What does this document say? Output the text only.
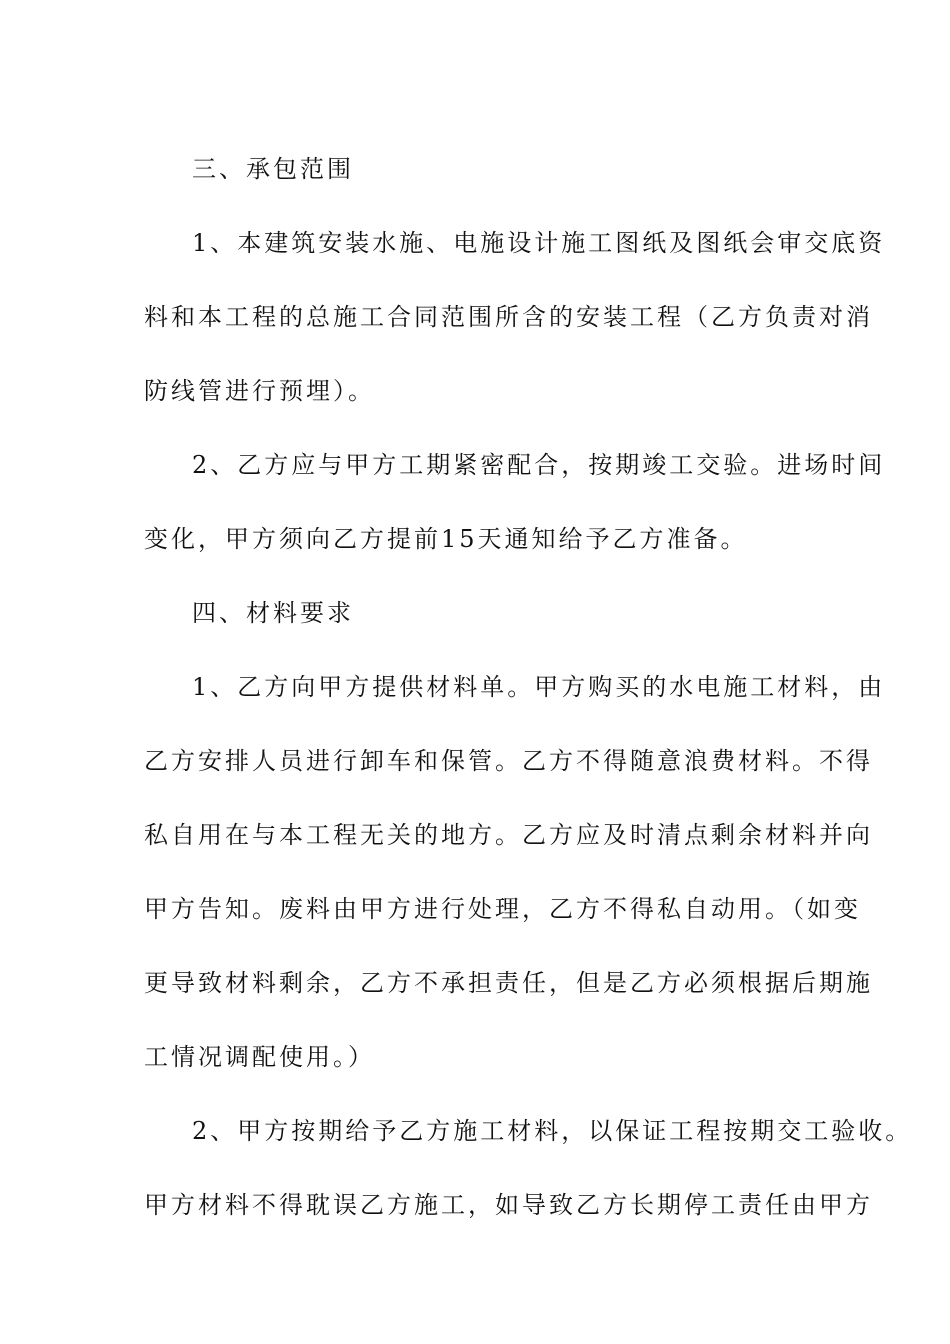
三、承包范围
1、本建筑安装水施、电施设计施工图纸及图纸会审交底资
料和本工程的总施工合同范围所含的安装工程（乙方负责对消
防线管进行预埋）。
2、乙方应与甲方工期紧密配合，按期竣工交验。进场时间
变化，甲方须向乙方提前15天通知给予乙方准备。
四、材料要求
1、乙方向甲方提供材料单。甲方购买的水电施工材料，由
乙方安排人员进行卸车和保管。乙方不得随意浪费材料。不得
私自用在与本工程无关的地方。乙方应及时清点剩余材料并向
甲方告知。废料由甲方进行处理，乙方不得私自动用。（如变
更导致材料剩余，乙方不承担责任，但是乙方必须根据后期施
工情况调配使用。）
2、甲方按期给予乙方施工材料，以保证工程按期交工验收。
甲方材料不得耽误乙方施工，如导致乙方长期停工责任由甲方
